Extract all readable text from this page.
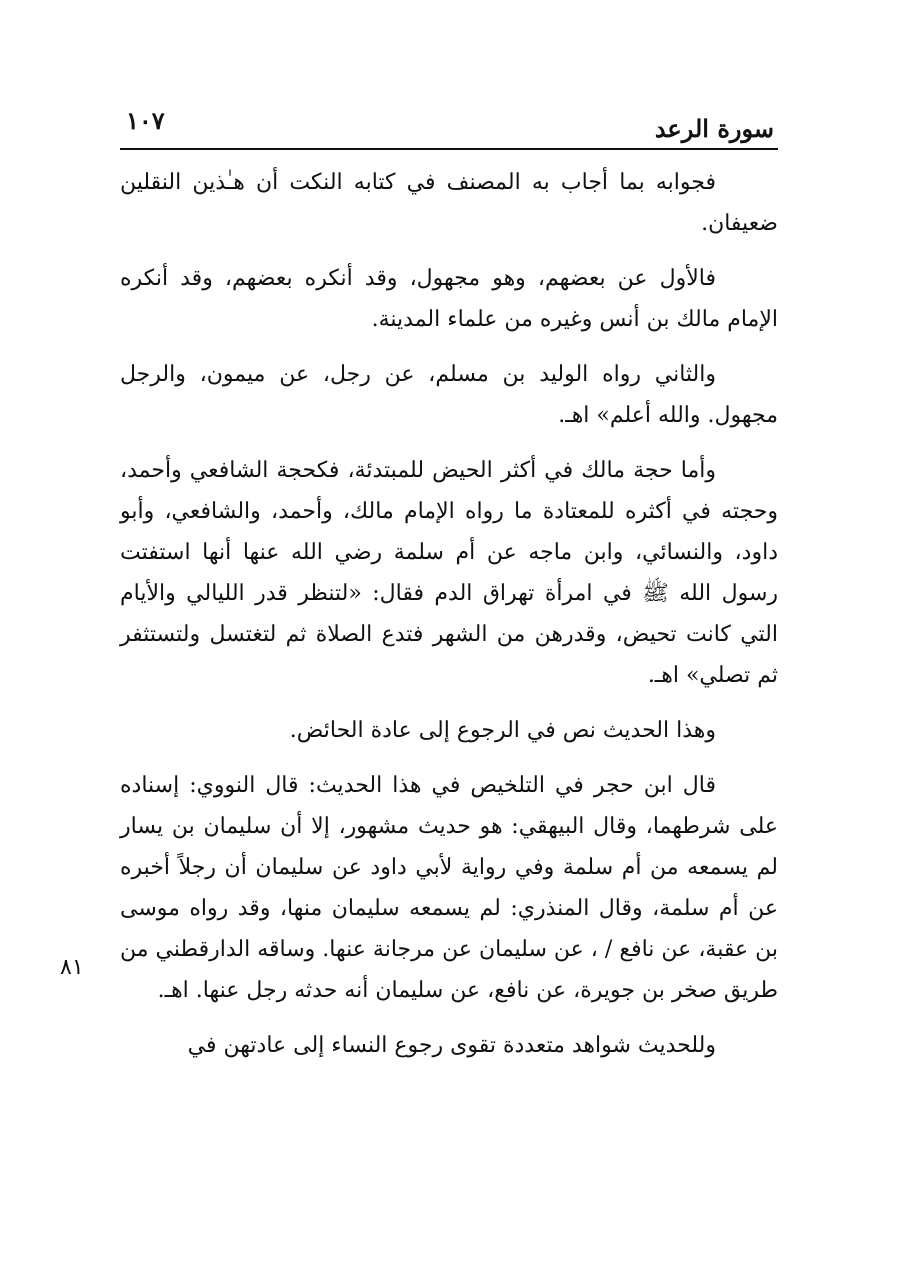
سورة الرعد
١٠٧

فجوابه بما أجاب به المصنف في كتابه النكت أن هـٰذين النقلين ضعيفان.

فالأول عن بعضهم، وهو مجهول، وقد أنكره بعضهم، وقد أنكره الإمام مالك بن أنس وغيره من علماء المدينة.

والثاني رواه الوليد بن مسلم، عن رجل، عن ميمون، والرجل مجهول. والله أعلم» اهـ.

وأما حجة مالك في أكثر الحيض للمبتدئة، فكحجة الشافعي وأحمد، وحجته في أكثره للمعتادة ما رواه الإمام مالك، وأحمد، والشافعي، وأبو داود، والنسائي، وابن ماجه عن أم سلمة رضي الله عنها أنها استفتت رسول الله ﷺ في امرأة تهراق الدم فقال: «لتنظر قدر الليالي والأيام التي كانت تحيض، وقدرهن من الشهر فتدع الصلاة ثم لتغتسل ولتستثفر ثم تصلي» اهـ.

وهذا الحديث نص في الرجوع إلى عادة الحائض.

قال ابن حجر في التلخيص في هذا الحديث: قال النووي: إسناده على شرطهما، وقال البيهقي: هو حديث مشهور، إلا أن سليمان بن يسار لم يسمعه من أم سلمة وفي رواية لأبي داود عن سليمان أن رجلاً أخبره عن أم سلمة، وقال المنذري: لم يسمعه سليمان منها، وقد رواه موسى بن عقبة، عن نافع / ، عن سليمان عن مرجانة عنها. وساقه الدارقطني من طريق صخر بن جويرة، عن نافع، عن سليمان أنه حدثه رجل عنها. اهـ.

وللحديث شواهد متعددة تقوى رجوع النساء إلى عادتهن في

٨١
